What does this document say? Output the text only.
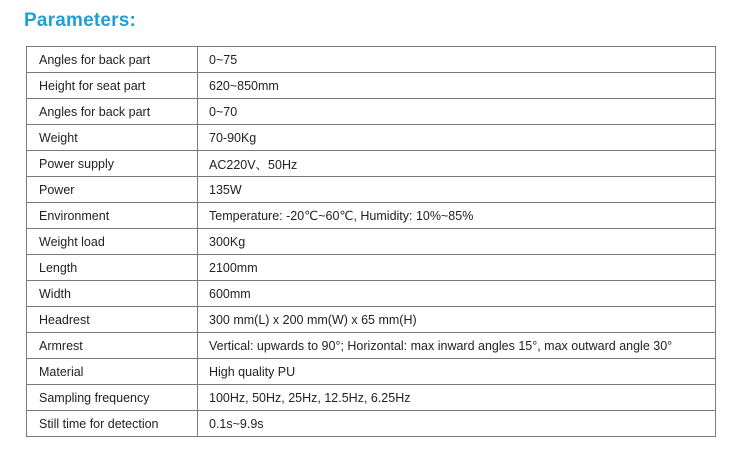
Parameters:
Angles for back part	0~75
Height for seat part	620~850mm
Angles for back part	0~70
Weight	70-90Kg
Power supply	AC220V、50Hz
Power	135W
Environment	Temperature: -20℃~60℃, Humidity: 10%~85%
Weight load	300Kg
Length	2100mm
Width	600mm
Headrest	300 mm(L) x 200 mm(W) x 65 mm(H)
Armrest	Vertical: upwards to 90°; Horizontal: max inward angles 15°, max outward angle 30°
Material	High quality PU
Sampling frequency	100Hz, 50Hz, 25Hz, 12.5Hz, 6.25Hz
Still time for detection	0.1s~9.9s
